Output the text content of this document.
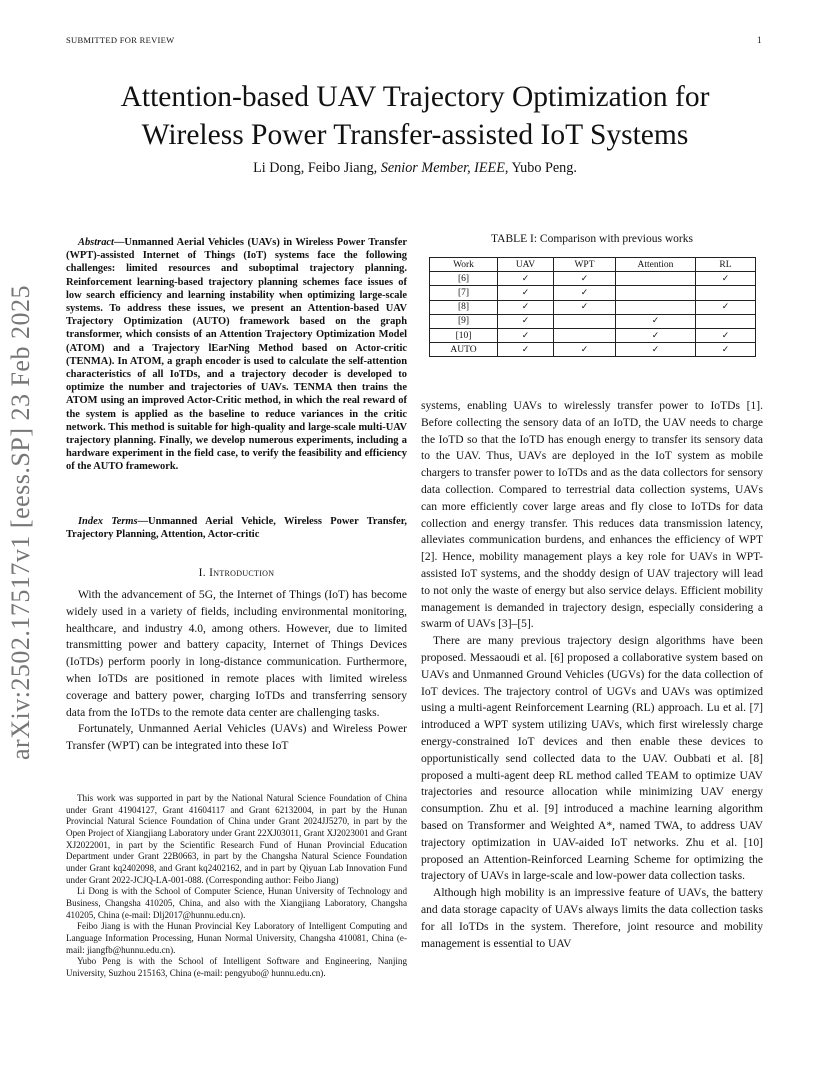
SUBMITTED FOR REVIEW	1
arXiv:2502.17517v1 [eess.SP] 23 Feb 2025
Attention-based UAV Trajectory Optimization for
Wireless Power Transfer-assisted IoT Systems
Li Dong, Feibo Jiang, Senior Member, IEEE, Yubo Peng.
Abstract—Unmanned Aerial Vehicles (UAVs) in Wireless Power Transfer (WPT)-assisted Internet of Things (IoT) systems face the following challenges: limited resources and suboptimal trajectory planning. Reinforcement learning-based trajectory planning schemes face issues of low search efficiency and learning instability when optimizing large-scale systems. To address these issues, we present an Attention-based UAV Trajectory Optimization (AUTO) framework based on the graph transformer, which consists of an Attention Trajectory Optimization Model (ATOM) and a Trajectory lEarNing Method based on Actor-critic (TENMA). In ATOM, a graph encoder is used to calculate the self-attention characteristics of all IoTDs, and a trajectory decoder is developed to optimize the number and trajectories of UAVs. TENMA then trains the ATOM using an improved Actor-Critic method, in which the real reward of the system is applied as the baseline to reduce variances in the critic network. This method is suitable for high-quality and large-scale multi-UAV trajectory planning. Finally, we develop numerous experiments, including a hardware experiment in the field case, to verify the feasibility and efficiency of the AUTO framework.
Index Terms—Unmanned Aerial Vehicle, Wireless Power Transfer, Trajectory Planning, Attention, Actor-critic
I. Introduction

With the advancement of 5G, the Internet of Things (IoT) has become widely used in a variety of fields, including environmental monitoring, healthcare, and industry 4.0, among others. However, due to limited transmitting power and battery capacity, Internet of Things Devices (IoTDs) perform poorly in long-distance communication. Furthermore, when IoTDs are positioned in remote places with limited wireless coverage and battery power, charging IoTDs and transferring sensory data from the IoTDs to the remote data center are challenging tasks.

Fortunately, Unmanned Aerial Vehicles (UAVs) and Wireless Power Transfer (WPT) can be integrated into these IoT

This work was supported in part by the National Natural Science Foundation of China under Grant 41904127, Grant 41604117 and Grant 62132004, in part by the Hunan Provincial Natural Science Foundation of China under Grant 2024JJ5270, in part by the Open Project of Xiangjiang Laboratory under Grant 22XJ03011, Grant XJ2023001 and Grant XJ2022001, in part by the Scientific Research Fund of Hunan Provincial Education Department under Grant 22B0663, in part by the Changsha Natural Science Foundation under Grant kq2402098, and Grant kq2402162, and in part by Qiyuan Lab Innovation Fund under Grant 2022-JCJQ-LA-001-088. (Corresponding author: Feibo Jiang)

Li Dong is with the School of Computer Science, Hunan University of Technology and Business, Changsha 410205, China, and also with the Xiangjiang Laboratory, Changsha 410205, China (e-mail: Dlj2017@hunnu.edu.cn).

Feibo Jiang is with the Hunan Provincial Key Laboratory of Intelligent Computing and Language Information Processing, Hunan Normal University, Changsha 410081, China (e-mail: jiangfb@hunnu.edu.cn).

Yubo Peng is with the School of Intelligent Software and Engineering, Nanjing University, Suzhou 215163, China (e-mail: pengyubo@ hunnu.edu.cn).

TABLE I: Comparison with previous works
Work	UAV	WPT	Attention	RL
[6]	✓	✓		✓
[7]	✓	✓		
[8]	✓	✓		✓
[9]	✓		✓	
[10]	✓		✓	✓
AUTO	✓	✓	✓	✓

systems, enabling UAVs to wirelessly transfer power to IoTDs [1]. Before collecting the sensory data of an IoTD, the UAV needs to charge the IoTD so that the IoTD has enough energy to transfer its sensory data to the UAV. Thus, UAVs are deployed in the IoT system as mobile chargers to transfer power to IoTDs and as the data collectors for sensory data collection. Compared to terrestrial data collection systems, UAVs can more efficiently cover large areas and fly close to IoTDs for data collection and energy transfer. This reduces data transmission latency, alleviates communication burdens, and enhances the efficiency of WPT [2]. Hence, mobility management plays a key role for UAVs in WPT-assisted IoT systems, and the shoddy design of UAV trajectory will lead to not only the waste of energy but also service delays. Efficient mobility management is demanded in trajectory design, especially considering a swarm of UAVs [3]–[5].

There are many previous trajectory design algorithms have been proposed. Messaoudi et al. [6] proposed a collaborative system based on UAVs and Unmanned Ground Vehicles (UGVs) for the data collection of IoT devices. The trajectory control of UGVs and UAVs was optimized using a multi-agent Reinforcement Learning (RL) approach. Lu et al. [7] introduced a WPT system utilizing UAVs, which first wirelessly charge energy-constrained IoT devices and then enable these devices to opportunistically send collected data to the UAV. Oubbati et al. [8] proposed a multi-agent deep RL method called TEAM to optimize UAV trajectories and resource allocation while minimizing UAV energy consumption. Zhu et al. [9] introduced a machine learning algorithm based on Transformer and Weighted A*, named TWA, to address UAV trajectory optimization in UAV-aided IoT networks. Zhu et al. [10] proposed an Attention-Reinforced Learning Scheme for optimizing the trajectory of UAVs in large-scale and low-power data collection tasks.

Although high mobility is an impressive feature of UAVs, the battery and data storage capacity of UAVs always limits the data collection tasks for all IoTDs in the system. Therefore, joint resource and mobility management is essential to UAV
